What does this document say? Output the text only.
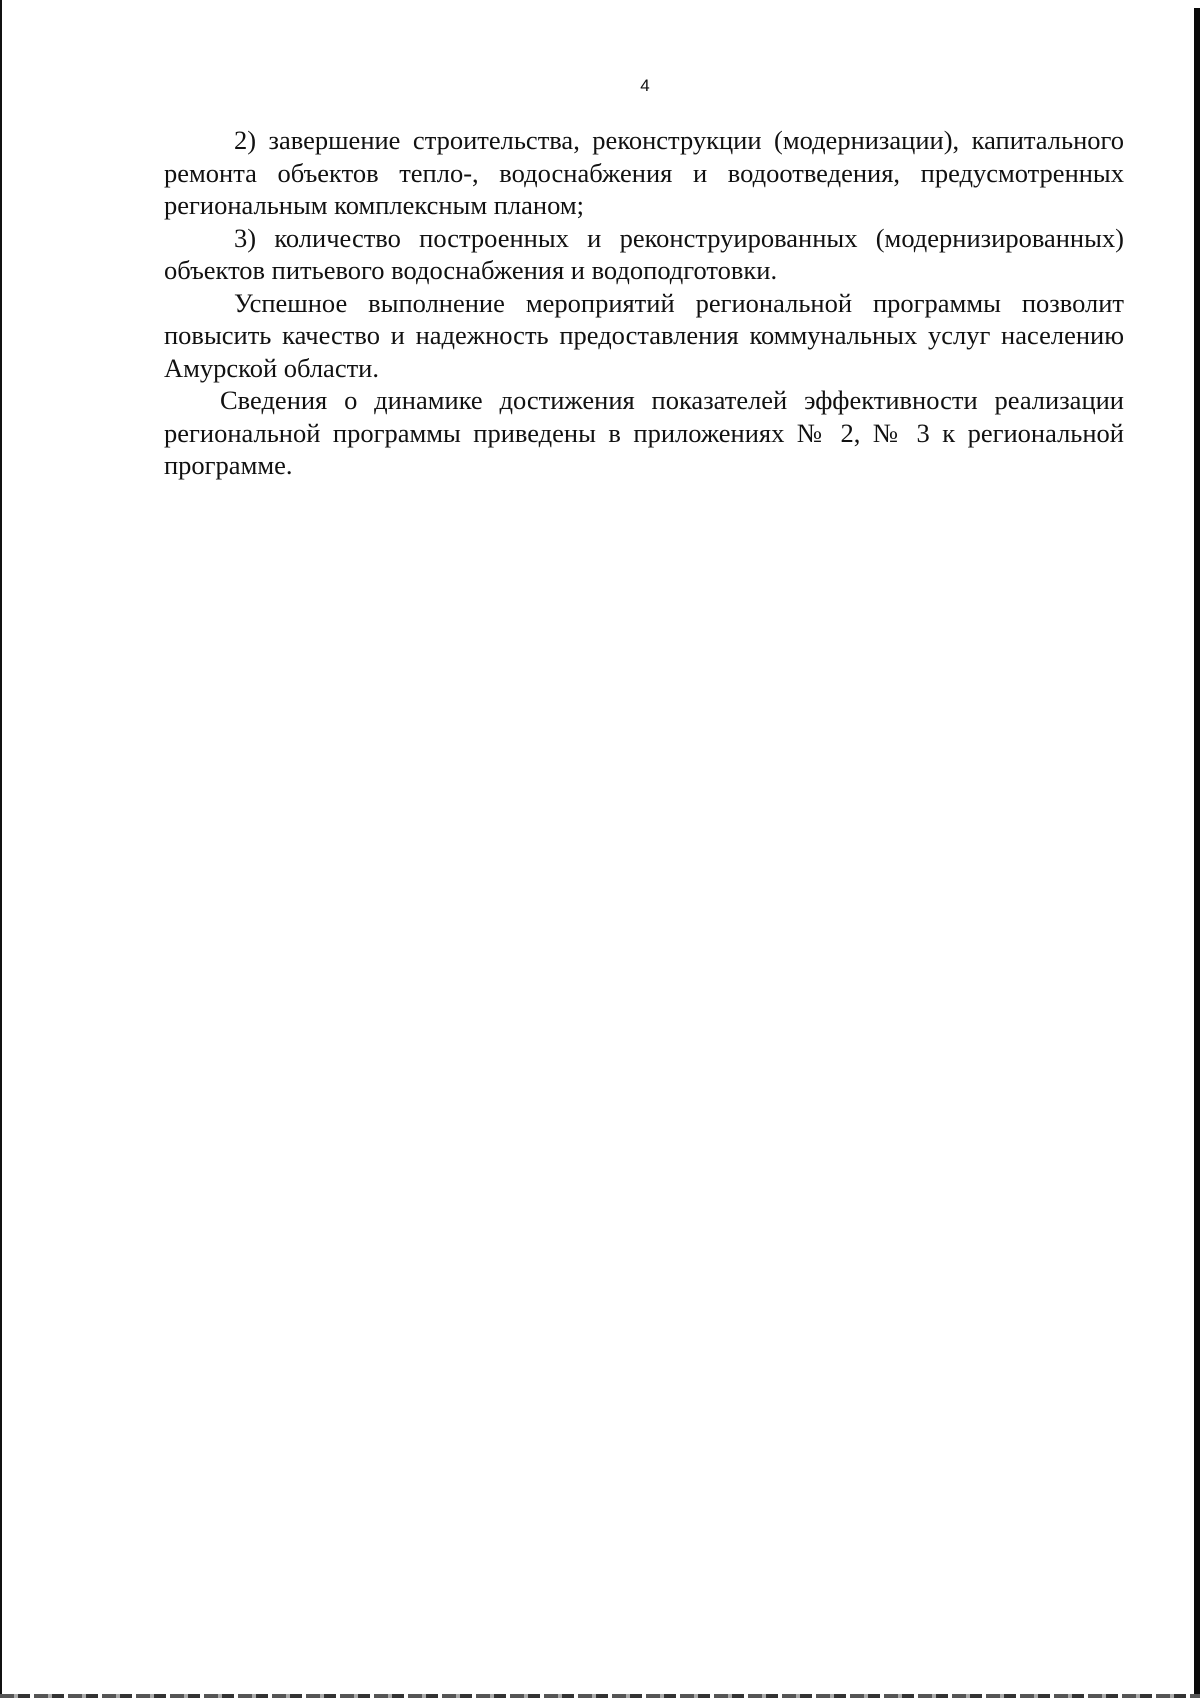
4

2) завершение строительства, реконструкции (модернизации), капитального ремонта объектов тепло-, водоснабжения и водоотведения, предусмотренных региональным комплексным планом;

3) количество построенных и реконструированных (модернизированных) объектов питьевого водоснабжения и водоподготовки.

Успешное выполнение мероприятий региональной программы позволит повысить качество и надежность предоставления коммунальных услуг населению Амурской области.

Сведения о динамике достижения показателей эффективности реализации региональной программы приведены в приложениях № 2, № 3 к региональной программе.
